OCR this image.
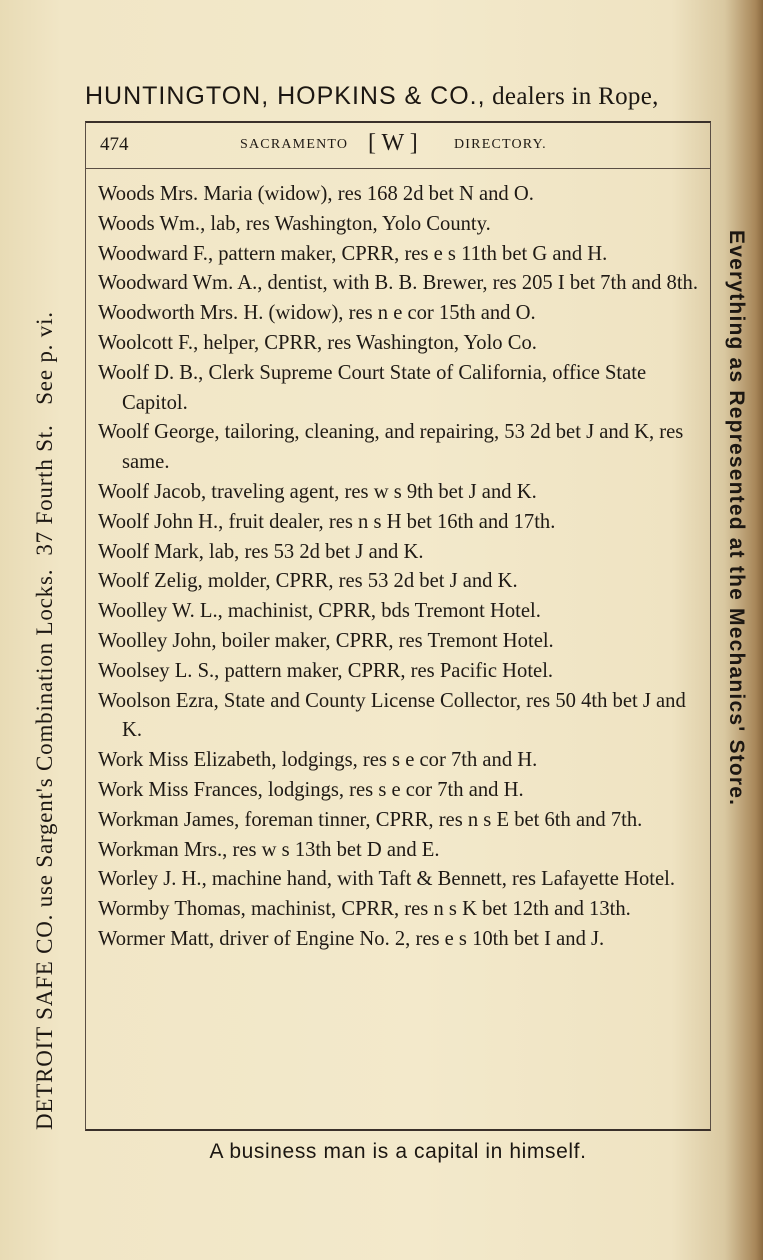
HUNTINGTON, HOPKINS & CO., dealers in Rope,
DETROIT SAFE CO. use Sargent's Combination Locks.  37 Fourth St.   See p. vi.	Everything as Represented at the Mechanics' Store.
474	SACRAMENTO [ W ]	DIRECTORY.

Woods Mrs. Maria (widow), res 168 2d bet N and O.

Woods Wm., lab, res Washington, Yolo County.

Woodward F., pattern maker, CPRR, res e s 11th bet G and H.

Woodward Wm. A., dentist, with B. B. Brewer, res 205 I bet 7th and 8th.

Woodworth Mrs. H. (widow), res n e cor 15th and O.

Woolcott F., helper, CPRR, res Washington, Yolo Co.

Woolf D. B., Clerk Supreme Court State of California, office State Capitol.

Woolf George, tailoring, cleaning, and repairing, 53 2d bet J and K, res same.

Woolf Jacob, traveling agent, res w s 9th bet J and K.

Woolf John H., fruit dealer, res n s H bet 16th and 17th.

Woolf Mark, lab, res 53 2d bet J and K.

Woolf Zelig, molder, CPRR, res 53 2d bet J and K.

Woolley W. L., machinist, CPRR, bds Tremont Hotel.

Woolley John, boiler maker, CPRR, res Tremont Hotel.

Woolsey L. S., pattern maker, CPRR, res Pacific Hotel.

Woolson Ezra, State and County License Collector, res 50 4th bet J and K.

Work Miss Elizabeth, lodgings, res s e cor 7th and H.

Work Miss Frances, lodgings, res s e cor 7th and H.

Workman James, foreman tinner, CPRR, res n s E bet 6th and 7th.

Workman Mrs., res w s 13th bet D and E.

Worley J. H., machine hand, with Taft & Bennett, res Lafayette Hotel.

Wormby Thomas, machinist, CPRR, res n s K bet 12th and 13th.

Wormer Matt, driver of Engine No. 2, res e s 10th bet I and J.

A business man is a capital in himself.
